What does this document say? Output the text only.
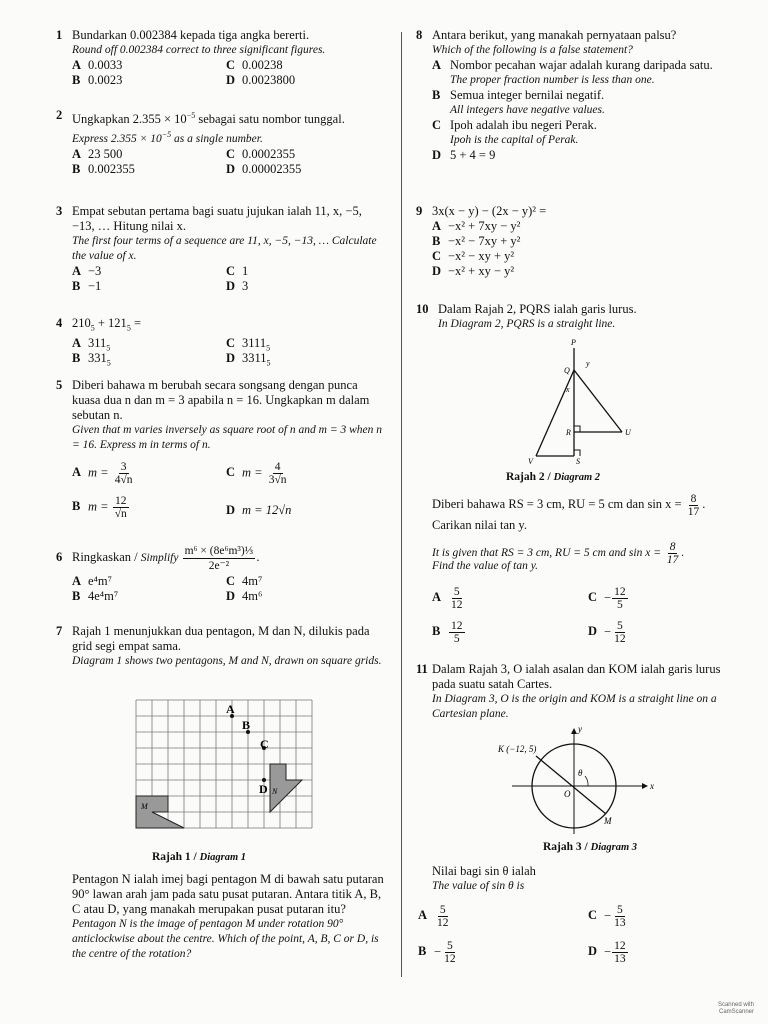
1 Bundarkan 0.002384 kepada tiga angka bererti.
Round off 0.002384 correct to three significant figures.
A 0.0033	C 0.00238
B 0.0023	D 0.0023800
2 Ungkapkan $2.355 \times 10^{-5}$ sebagai satu nombor tunggal.
Express $2.355 \times 10^{-5}$ as a single number.
A 23 500	C 0.0002355
B 0.002355	D 0.00002355
3 Empat sebutan pertama bagi suatu jujukan ialah 11, x, −5, −13, … Hitung nilai x.
The first four terms of a sequence are 11, x, −5, −13, … Calculate the value of x.
A −3	C 1
B −1	D 3
4 $210_5 + 121_5$ =
A $311_5$	C $3111_5$
B $331_5$	D $3311_5$
5 Diberi bahawa m berubah secara songsang dengan punca kuasa dua n dan m = 3 apabila n = 16. Ungkapkan m dalam sebutan n.
Given that m varies inversely as square root of n and m = 3 when n = 16. Express m in terms of n.
A $m = \frac{3}{4√n}$	C $m = \frac{4}{3√n}$
B $m = \frac{12}{√n}$	D m = 12√n
6 Ringkaskan / Simplify $\frac{\text{m⁶ × (8e⁶m³)⅓}}{\text{2e⁻²}}$ .
A e⁴m⁷	C 4m⁷
B 4e⁴m⁷	D 4m⁶
7 Rajah 1 menunjukkan dua pentagon, M dan N, dilukis pada grid segi empat sama.
Diagram 1 shows two pentagons, M and N, drawn on square grids.
A
B
C
D
M
N
Rajah 1 / Diagram 1
Pentagon N ialah imej bagi pentagon M di bawah satu putaran 90° lawan arah jam pada satu pusat putaran. Antara titik A, B, C atau D, yang manakah merupakan pusat putaran itu?
Pentagon N is the image of pentagon M under rotation 90° anticlockwise about the centre. Which of the point, A, B, C or D, is the centre of the rotation?
8 Antara berikut, yang manakah pernyataan palsu?
Which of the following is a false statement?
A Nombor pecahan wajar adalah kurang daripada satu.
The proper fraction number is less than one.
B Semua integer bernilai negatif.
All integers have negative values.
C Ipoh adalah ibu negeri Perak.
Ipoh is the capital of Perak.
D 5 + 4 = 9
9 3x(x − y) − (2x − y)² =
A −x² + 7xy − y²
B −x² − 7xy + y²
C −x² − xy + y²
D −x² + xy − y²
10 Dalam Rajah 2, PQRS ialah garis lurus.
In Diagram 2, PQRS is a straight line.
P
Q
R
S
U
V
x
y
Rajah 2 / Diagram 2
Diberi bahawa RS = 3 cm, RU = 5 cm dan $\sin x = \frac{8}{17}$ .
Carikan nilai tan y.
It is given that RS = 3 cm, RU = 5 cm and $\sin x = \frac{8}{17}$ .
Find the value of tan y.
A $\frac{5}{12}$	$C - \frac{12}{5}$
B $\frac{12}{5}$	$D - \frac{5}{12}$
11 Dalam Rajah 3, O ialah asalan dan KOM ialah garis lurus pada suatu satah Cartes.
In Diagram 3, O is the origin and KOM is a straight line on a Cartesian plane.
θ
O
M
y
x
K (−12, 5)
Rajah 3 / Diagram 3
Nilai bagi sin θ ialah
The value of sin θ is
A $\frac{5}{12}$	$C - \frac{5}{13}$
$B - \frac{5}{12}$	$D - \frac{12}{13}$
Scanned with
CamScanner
